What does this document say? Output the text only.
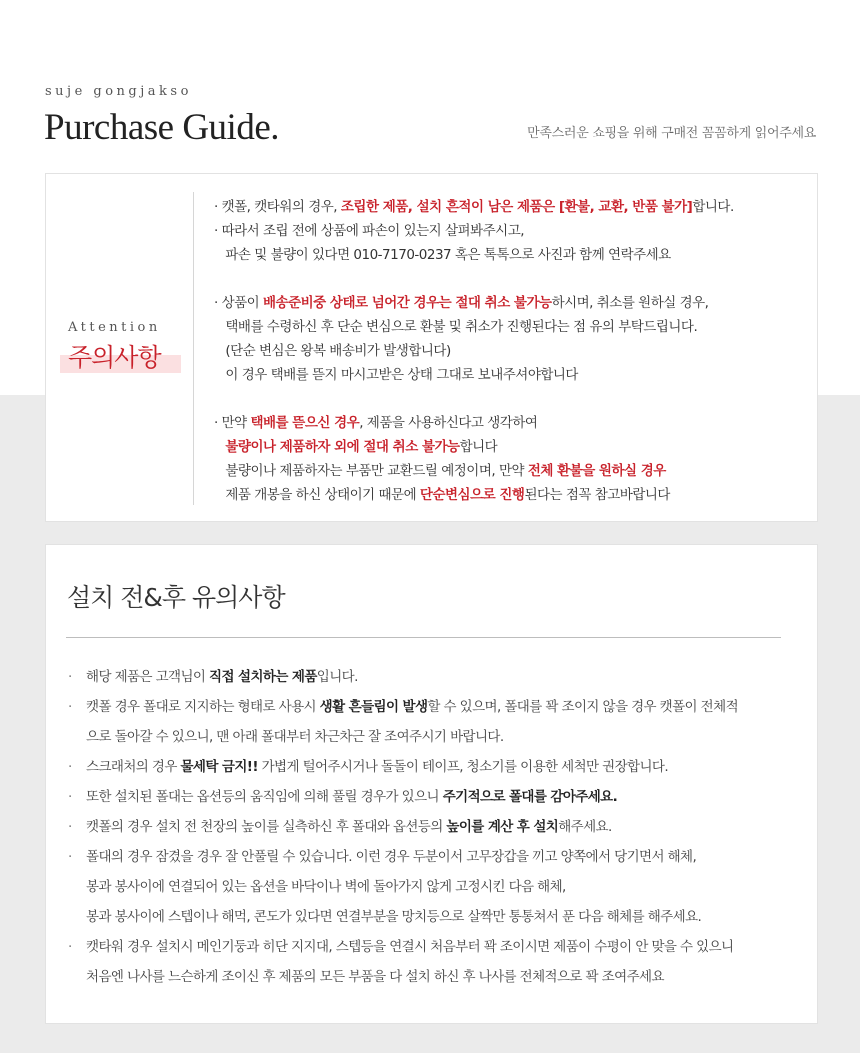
suje gongjakso
Purchase Guide.	만족스러운 쇼핑을 위해 구매전 꼼꼼하게 읽어주세요
Attention
주의사항
· 캣폴, 캣타워의 경우, 조립한 제품, 설치 흔적이 남은 제품은 [환불, 교환, 반품 불가]합니다.
· 따라서 조립 전에 상품에 파손이 있는지 살펴봐주시고,
파손 및 불량이 있다면 010-7170-0237 혹은 톡톡으로 사진과 함께 연락주세요
· 상품이 배송준비중 상태로 넘어간 경우는 절대 취소 불가능하시며, 취소를 원하실 경우,
택배를 수령하신 후 단순 변심으로 환불 및 취소가 진행된다는 점 유의 부탁드립니다.
(단순 변심은 왕복 배송비가 발생합니다)
이 경우 택배를 뜯지 마시고받은 상태 그대로 보내주셔야합니다
· 만약 택배를 뜯으신 경우, 제품을 사용하신다고 생각하여
불량이나 제품하자 외에 절대 취소 불가능합니다
불량이나 제품하자는 부품만 교환드릴 예정이며, 만약 전체 환불을 원하실 경우
제품 개봉을 하신 상태이기 때문에 단순변심으로 진행된다는 점꼭 참고바랍니다
설치 전&후 유의사항
· 해당 제품은 고객님이 직접 설치하는 제품입니다.
· 캣폴 경우 폴대로 지지하는 형태로 사용시 생활 흔들림이 발생할 수 있으며, 폴대를 꽉 조이지 않을 경우 캣폴이 전체적
으로 돌아갈 수 있으니, 맨 아래 폴대부터 차근차근 잘 조여주시기 바랍니다.
· 스크래처의 경우 물세탁 금지!! 가볍게 털어주시거나 돌돌이 테이프, 청소기를 이용한 세척만 권장합니다.
· 또한 설치된 폴대는 옵션등의 움직임에 의해 풀릴 경우가 있으니 주기적으로 폴대를 감아주세요.
· 캣폴의 경우 설치 전 천장의 높이를 실측하신 후 폴대와 옵션등의 높이를 계산 후 설치해주세요.
· 폴대의 경우 잠겼을 경우 잘 안풀릴 수 있습니다. 이런 경우 두분이서 고무장갑을 끼고 양쪽에서 당기면서 해체,
봉과 봉사이에 연결되어 있는 옵션을 바닥이나 벽에 돌아가지 않게 고정시킨 다음 해체,
봉과 봉사이에 스텝이나 해먹, 콘도가 있다면 연결부분을 망치등으로 살짝만 통통쳐서 푼 다음 해체를 해주세요.
· 캣타워 경우 설치시 메인기둥과 히단 지지대, 스텝등을 연결시 처음부터 꽉 조이시면 제품이 수평이 안 맞을 수 있으니
처음엔 나사를 느슨하게 조이신 후 제품의 모든 부품을 다 설치 하신 후 나사를 전체적으로 꽉 조여주세요
